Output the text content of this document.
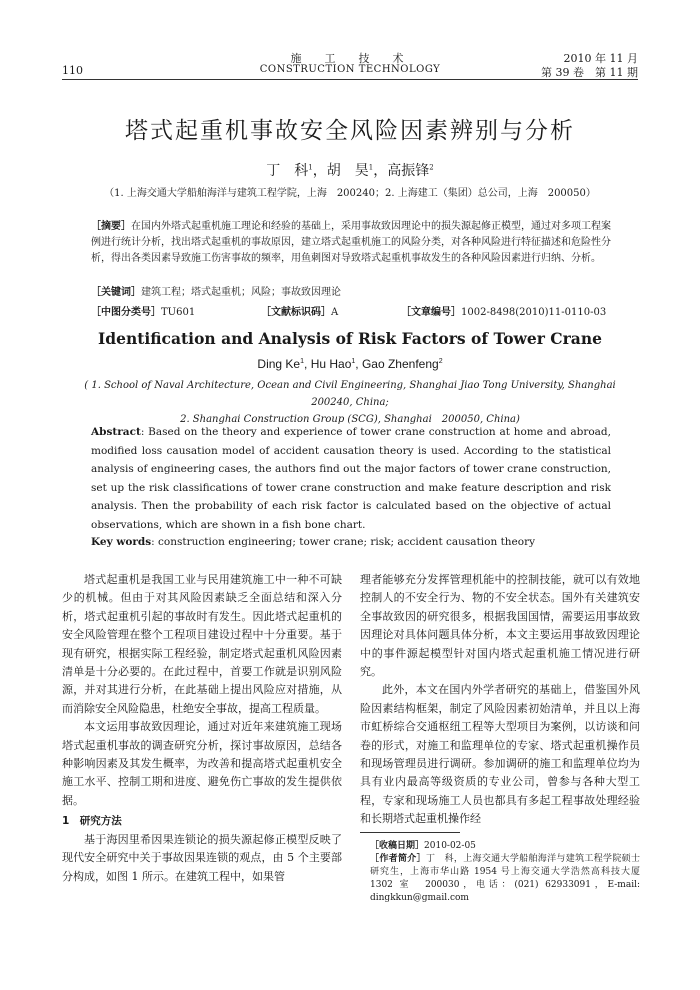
110
施　工　技　术
CONSTRUCTION TECHNOLOGY
2010 年 11 月
第 39 卷　第 11 期
塔式起重机事故安全风险因素辨别与分析
丁　科$^1$，胡　昊$^1$，高振锋$^2$
（1. 上海交通大学船舶海洋与建筑工程学院，上海　200240；2. 上海建工（集团）总公司，上海　200050）
［摘要］在国内外塔式起重机施工理论和经验的基础上，采用事故致因理论中的损失源起修正模型，通过对多项工程案例进行统计分析，找出塔式起重机的事故原因，建立塔式起重机施工的风险分类，对各种风险进行特征描述和危险性分析，得出各类因素导致施工伤害事故的频率，用鱼刺图对导致塔式起重机事故发生的各种风险因素进行归纳、分析。
［关键词］建筑工程；塔式起重机；风险；事故致因理论
［中图分类号］TU601	［文献标识码］A	［文章编号］1002-8498(2010)11-0110-03
Identification and Analysis of Risk Factors of Tower Crane
Ding Ke$^1$, Hu Hao$^1$, Gao Zhenfeng$^2$
( 1. School of Naval Architecture, Ocean and Civil Engineering, Shanghai Jiao Tong University, Shanghai　200240, China;
2. Shanghai Construction Group (SCG), Shanghai　200050, China)
Abstract: Based on the theory and experience of tower crane construction at home and abroad, modified loss causation model of accident causation theory is used. According to the statistical analysis of engineering cases, the authors find out the major factors of tower crane construction, set up the risk classifications of tower crane construction and make feature description and risk analysis. Then the probability of each risk factor is calculated based on the objective of actual observations, which are shown in a fish bone chart.
Key words: construction engineering; tower crane; risk; accident causation theory

塔式起重机是我国工业与民用建筑施工中一种不可缺少的机械。但由于对其风险因素缺乏全面总结和深入分析，塔式起重机引起的事故时有发生。因此塔式起重机的安全风险管理在整个工程项目建设过程中十分重要。基于现有研究，根据实际工程经验，制定塔式起重机风险因素清单是十分必要的。在此过程中，首要工作就是识别风险源，并对其进行分析，在此基础上提出风险应对措施，从而消除安全风险隐患，杜绝安全事故，提高工程质量。

本文运用事故致因理论，通过对近年来建筑施工现场塔式起重机事故的调查研究分析，探讨事故原因，总结各种影响因素及其发生概率，为改善和提高塔式起重机安全施工水平、控制工期和进度、避免伤亡事故的发生提供依据。

1　研究方法

基于海因里希因果连锁论的损失源起修正模型反映了现代安全研究中关于事故因果连锁的观点，由 5 个主要部分构成，如图 1 所示。在建筑工程中，如果管

理者能够充分发挥管理机能中的控制技能，就可以有效地控制人的不安全行为、物的不安全状态。国外有关建筑安全事故致因的研究很多，根据我国国情，需要运用事故致因理论对具体问题具体分析，本文主要运用事故致因理论中的事件源起模型针对国内塔式起重机施工情况进行研究。

此外，本文在国内外学者研究的基础上，借鉴国外风险因素结构框架，制定了风险因素初始清单，并且以上海市虹桥综合交通枢纽工程等大型项目为案例，以访谈和问卷的形式，对施工和监理单位的专家、塔式起重机操作员和现场管理员进行调研。参加调研的施工和监理单位均为具有业内最高等级资质的专业公司，曾参与各种大型工程，专家和现场施工人员也都具有多起工程事故处理经验和长期塔式起重机操作经

［收稿日期］2010-02-05
［作者简介］丁　科，上海交通大学船舶海洋与建筑工程学院硕士研究生，上海市华山路 1954 号上海交通大学浩然高科技大厦 1302 室　200030，电话：(021) 62933091，E-mail: dingkkun@gmail.com
